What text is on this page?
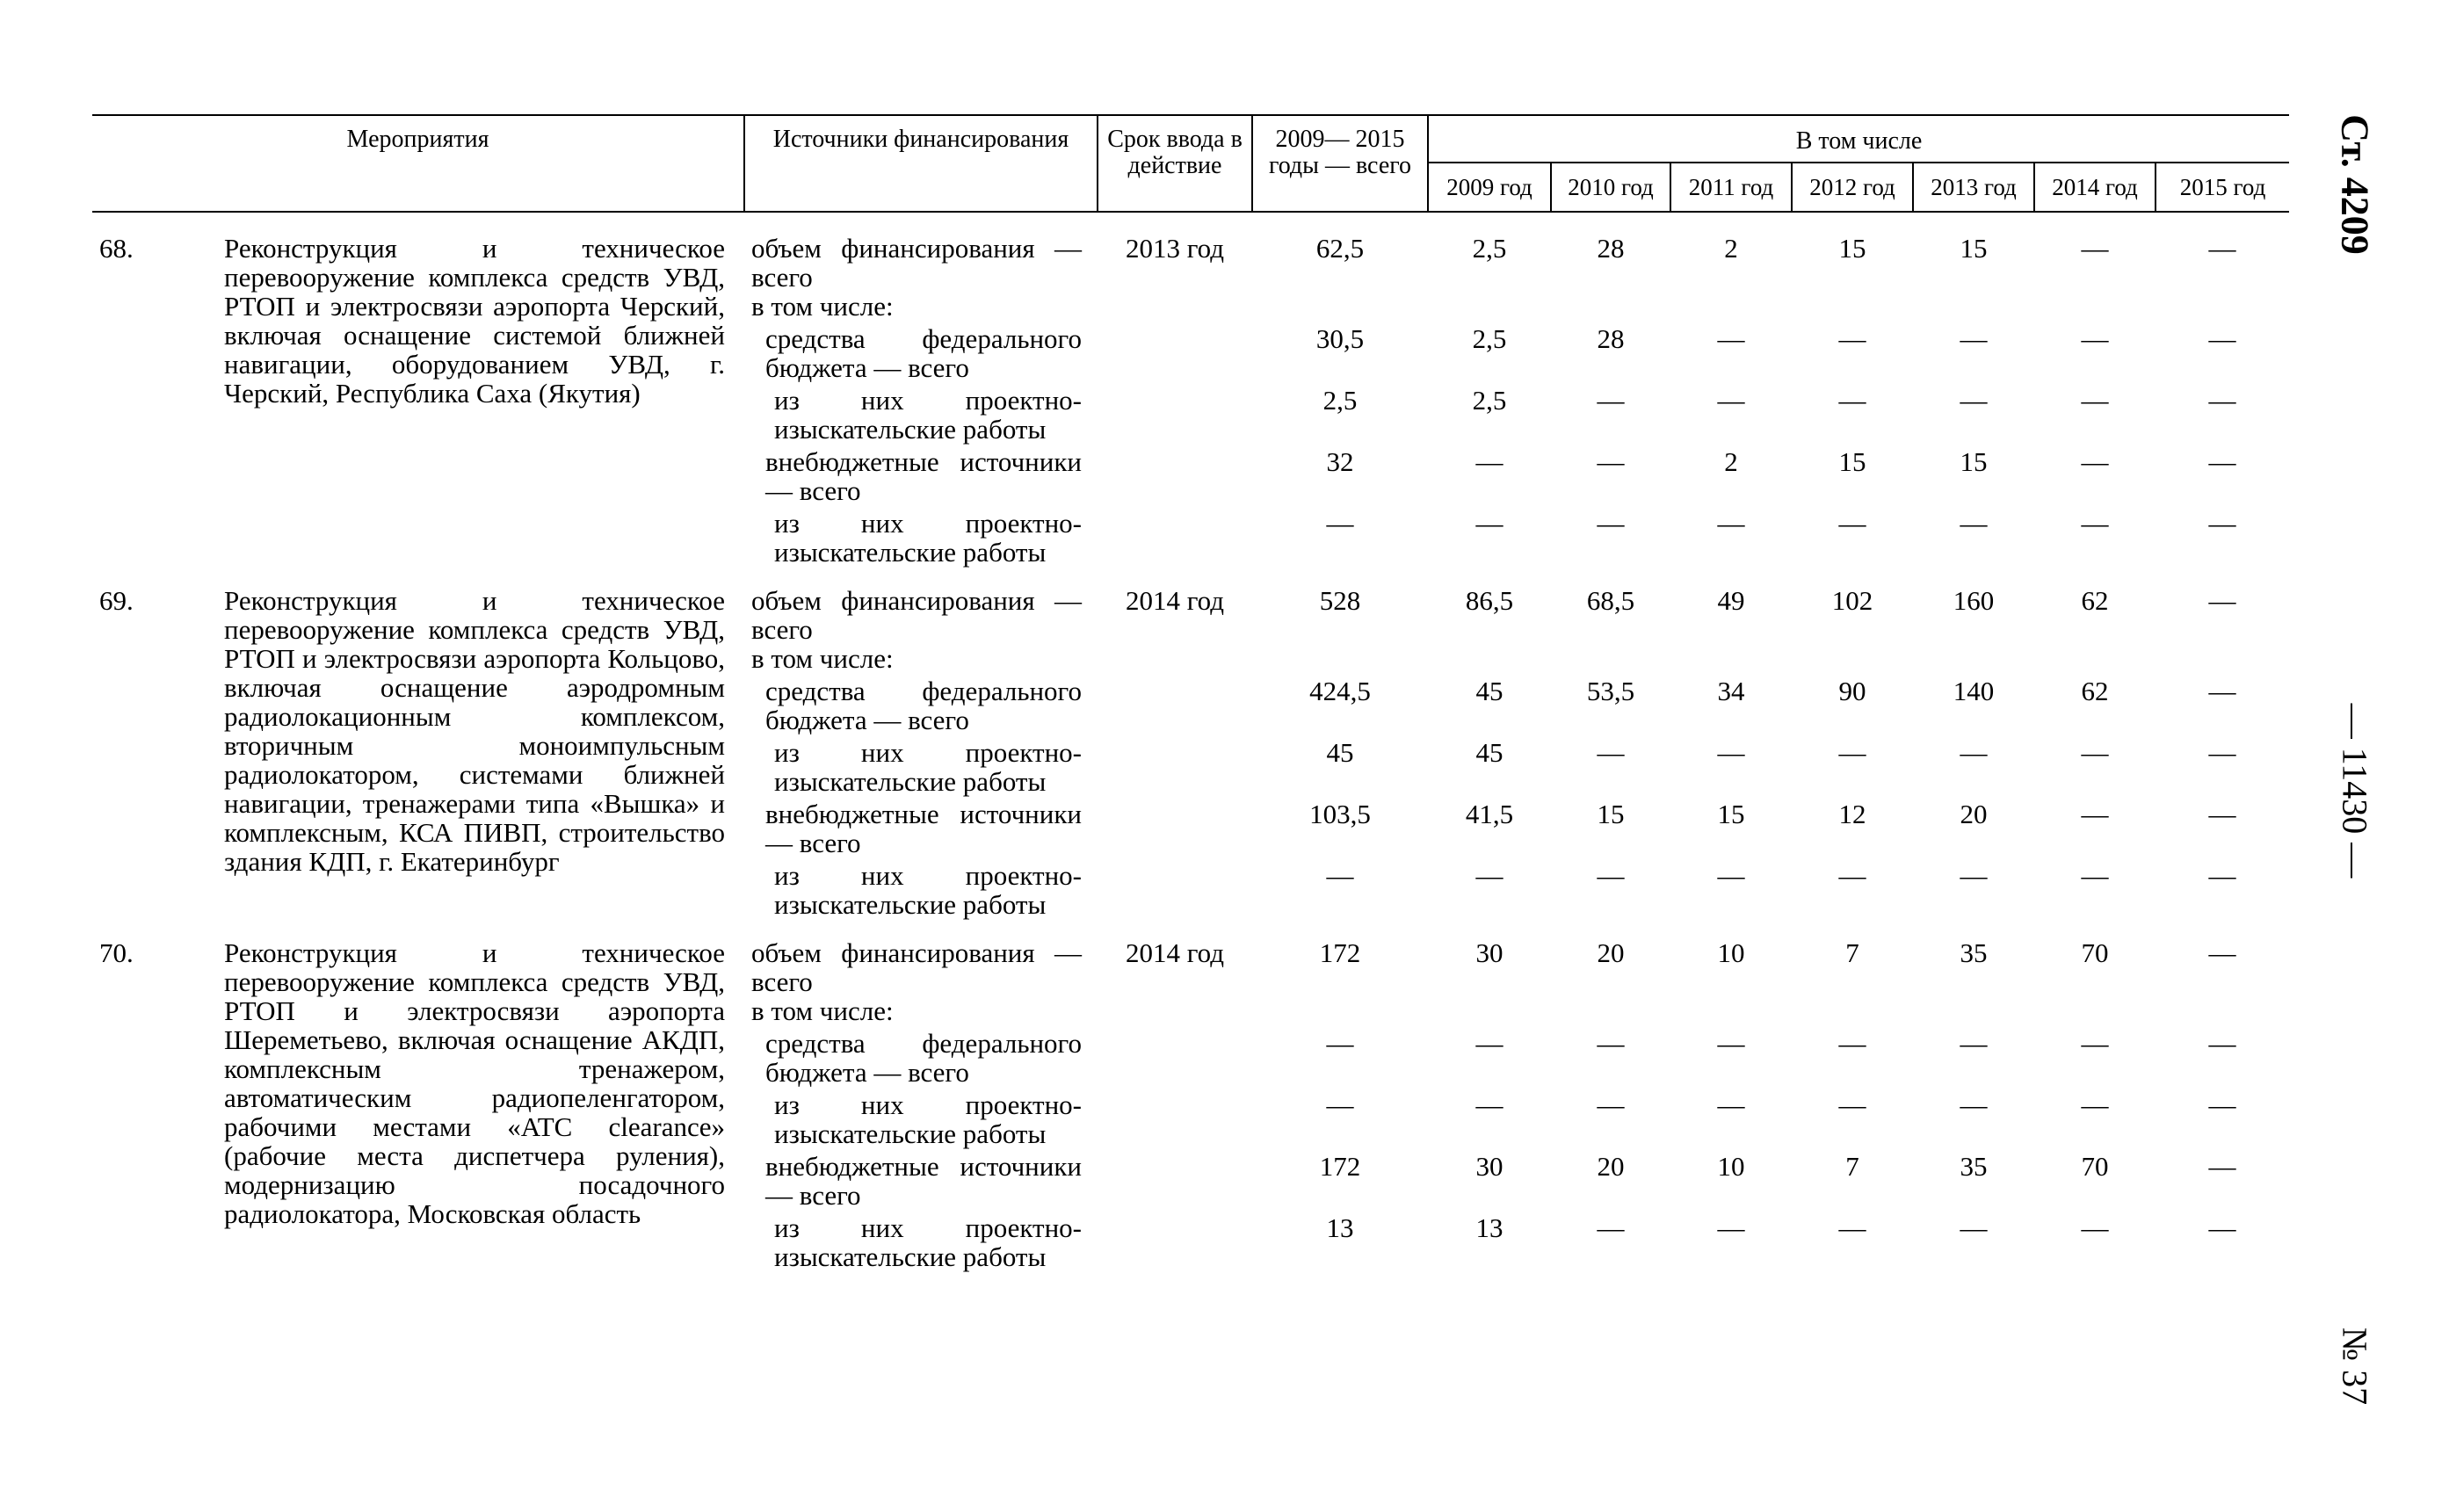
Ст. 4209
— 11430 —
№ 37
Мероприятия		Источники финансирования	Срок ввода в действие	2009— 2015 годы — всего	В том числе						
					2009 год	2010 год	2011 год	2012 год	2013 год	2014 год	2015 год
68.	Реконструкция и техническое перевооружение комплекса средств УВД, РТОП и электросвязи аэропорта Черский, включая оснащение системой ближней навигации, оборудованием УВД, г. Черский, Республика Саха (Якутия)	объем финансирования — всего	2013 год	62,5	2,5	28	2	15	15	—	—
		в том числе:									
		средства федерального бюджета — всего		30,5	2,5	28	—	—	—	—	—
		из них проектно-изыскательские работы		2,5	2,5	—	—	—	—	—	—
		внебюджетные источники — всего		32	—	—	2	15	15	—	—
		из них проектно-изыскательские работы		—	—	—	—	—	—	—	—
69.	Реконструкция и техническое перевооружение комплекса средств УВД, РТОП и электросвязи аэропорта Кольцово, включая оснащение аэродромным радиолокационным комплексом, вторичным моноимпульсным радиолокатором, системами ближней навигации, тренажерами типа «Вышка» и комплексным, КСА ПИВП, строительство здания КДП, г. Екатеринбург	объем финансирования — всего	2014 год	528	86,5	68,5	49	102	160	62	—
		в том числе:									
		средства федерального бюджета — всего		424,5	45	53,5	34	90	140	62	—
		из них проектно-изыскательские работы		45	45	—	—	—	—	—	—
		внебюджетные источники — всего		103,5	41,5	15	15	12	20	—	—
		из них проектно-изыскательские работы		—	—	—	—	—	—	—	—
70.	Реконструкция и техническое перевооружение комплекса средств УВД, РТОП и электросвязи аэропорта Шереметьево, включая оснащение АКДП, комплексным тренажером, автоматическим радиопеленгатором, рабочими местами «ATC clearance» (рабочие места диспетчера руления), модернизацию посадочного радиолокатора, Московская область	объем финансирования — всего	2014 год	172	30	20	10	7	35	70	—
		в том числе:									
		средства федерального бюджета — всего		—	—	—	—	—	—	—	—
		из них проектно-изыскательские работы		—	—	—	—	—	—	—	—
		внебюджетные источники — всего		172	30	20	10	7	35	70	—
		из них проектно-изыскательские работы		13	13	—	—	—	—	—	—
